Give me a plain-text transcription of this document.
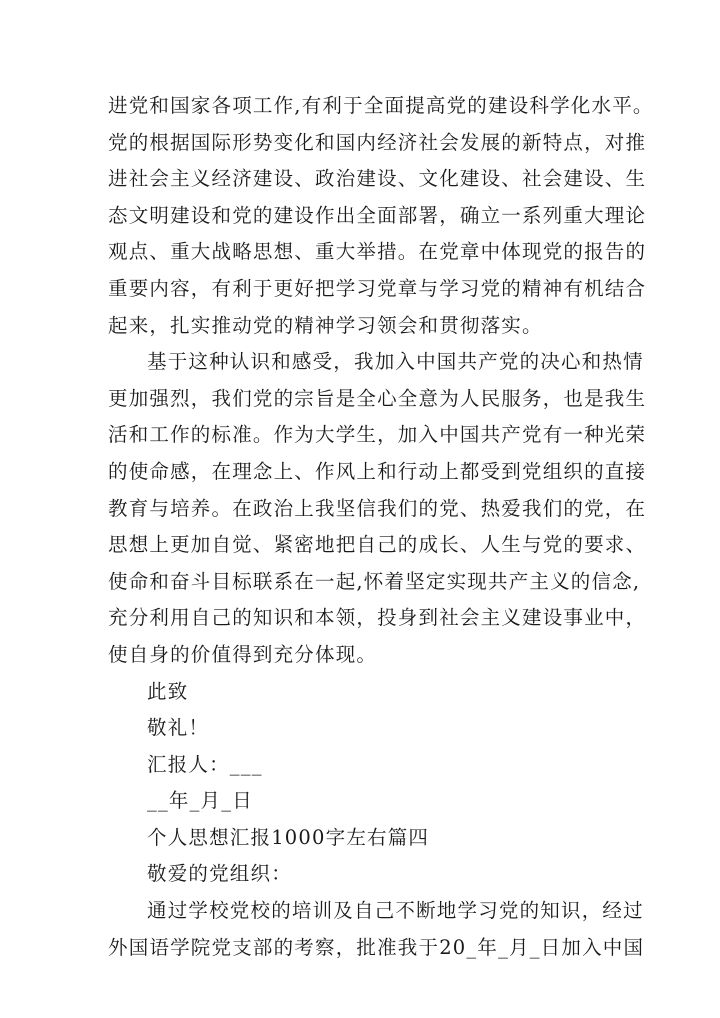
进党和国家各项工作,有利于全面提高党的建设科学化水平。
党的根据国际形势变化和国内经济社会发展的新特点，对推
进社会主义经济建设、政治建设、文化建设、社会建设、生
态文明建设和党的建设作出全面部署，确立一系列重大理论
观点、重大战略思想、重大举措。在党章中体现党的报告的
重要内容，有利于更好把学习党章与学习党的精神有机结合
起来，扎实推动党的精神学习领会和贯彻落实。
基于这种认识和感受，我加入中国共产党的决心和热情
更加强烈，我们党的宗旨是全心全意为人民服务，也是我生
活和工作的标准。作为大学生，加入中国共产党有一种光荣
的使命感，在理念上、作风上和行动上都受到党组织的直接
教育与培养。在政治上我坚信我们的党、热爱我们的党，在
思想上更加自觉、紧密地把自己的成长、人生与党的要求、
使命和奋斗目标联系在一起,怀着坚定实现共产主义的信念,
充分利用自己的知识和本领，投身到社会主义建设事业中，
使自身的价值得到充分体现。
此致
敬礼！
汇报人：___
__年_月_日
个人思想汇报1000字左右篇四
敬爱的党组织：
通过学校党校的培训及自己不断地学习党的知识，经过
外国语学院党支部的考察，批准我于20_年_月_日加入中国
